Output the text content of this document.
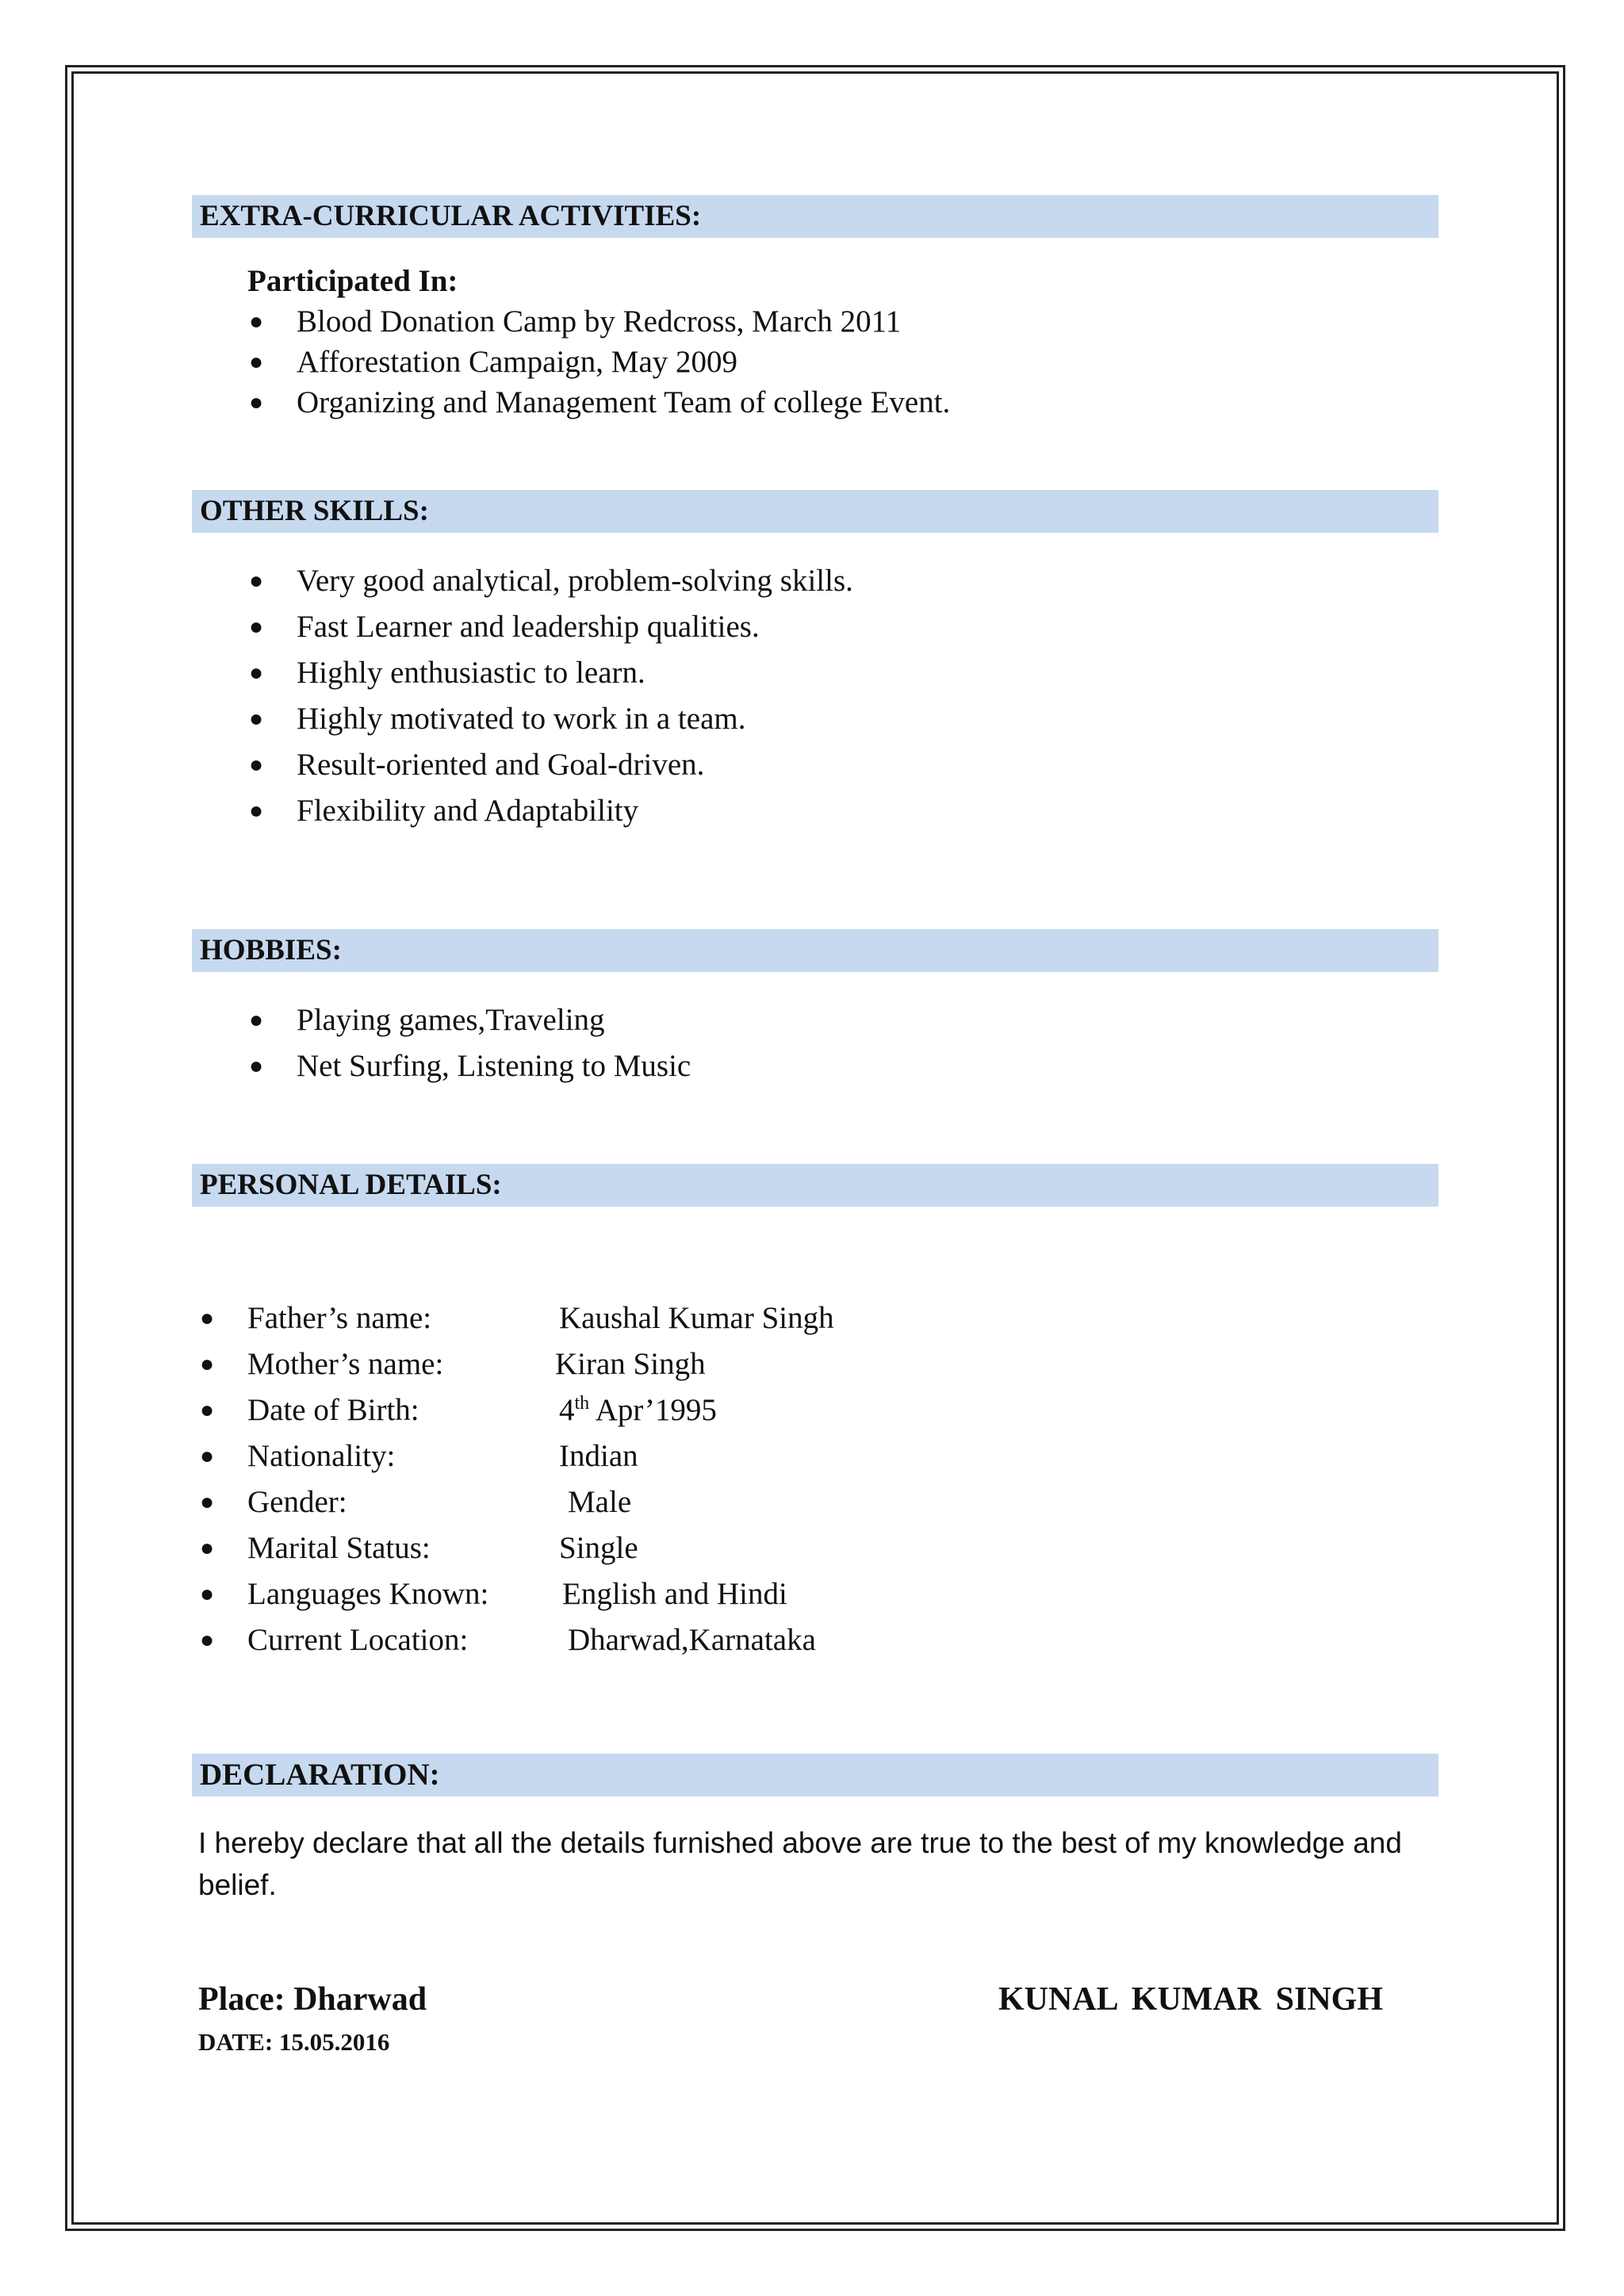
EXTRA-CURRICULAR ACTIVITIES:
Participated In:
● Blood Donation Camp by Redcross, March 2011
● Afforestation Campaign, May 2009
● Organizing and Management Team of college Event.
OTHER SKILLS:
● Very good analytical, problem-solving skills.
● Fast Learner and leadership qualities.
● Highly enthusiastic to learn.
● Highly motivated to work in a team.
● Result-oriented and Goal-driven.
● Flexibility and Adaptability
HOBBIES:
● Playing games,Traveling
● Net Surfing, Listening to Music
PERSONAL DETAILS:
● Father’s name:	Kaushal Kumar Singh
● Mother’s name:	Kiran Singh
● Date of Birth:	4th Apr’1995
● Nationality:	Indian
● Gender:	Male
● Marital Status:	Single
● Languages Known: English and Hindi
● Current Location:	Dharwad,Karnataka
DECLARATION:
I hereby declare that all the details furnished above are true to the best of my knowledge and belief.
Place: Dharwad
DATE: 15.05.2016
KUNAL KUMAR SINGH
